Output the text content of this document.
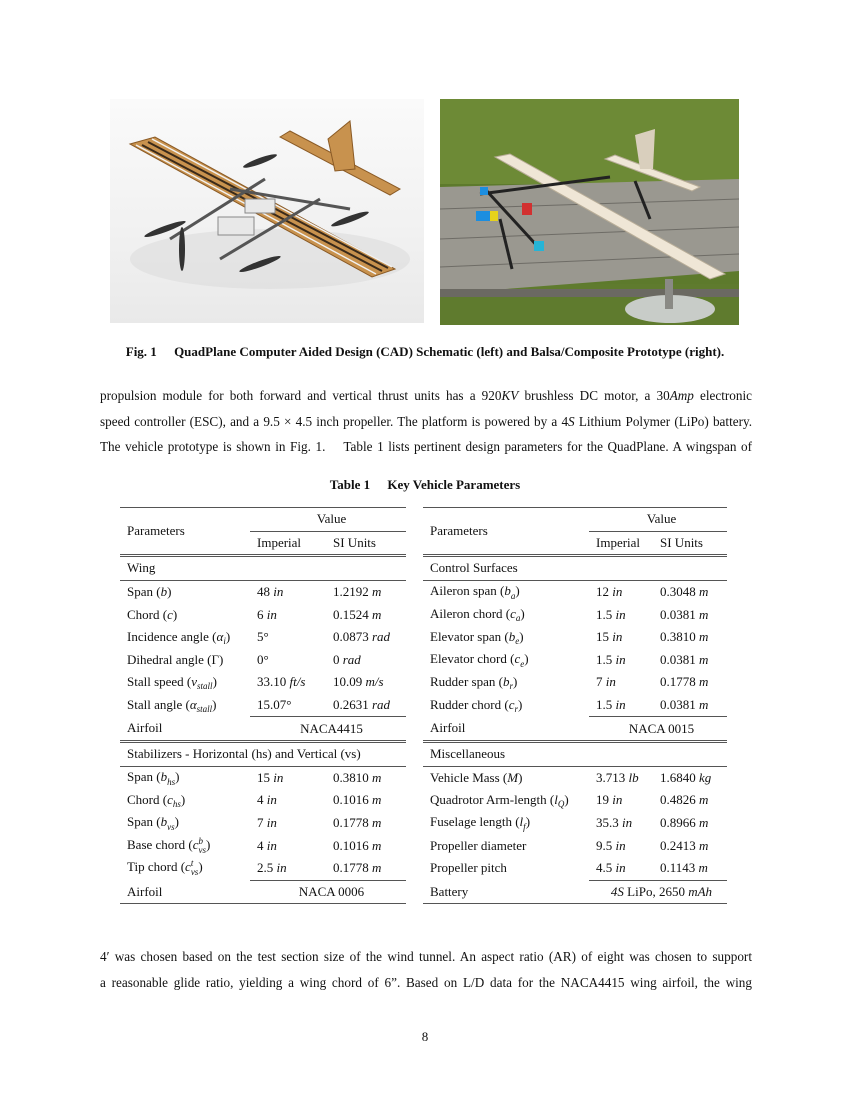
Fig. 1 QuadPlane Computer Aided Design (CAD) Schematic (left) and Balsa/Composite Prototype (right).
propulsion module for both forward and vertical thrust units has a 920KV brushless DC motor, a 30Amp electronic
speed controller (ESC), and a 9.5 × 4.5 inch propeller. The platform is powered by a 4S Lithium Polymer (LiPo) battery.
The vehicle prototype is shown in Fig. 1.    Table 1 lists pertinent design parameters for the QuadPlane. A wingspan of
Table 1 Key Vehicle Parameters
Parameters	Value	
	Imperial	SI Units
Wing		
Span (b)	48 in	1.2192 m
Chord (c)	6 in	0.1524 m
Incidence angle (α i )	5°	0.0873 rad
Dihedral angle (Γ)	0°	0 rad
Stall speed (v stall )	33.10 ft/s	10.09 m/s
Stall angle (α stall )	15.07°	0.2631 rad
Airfoil	NACA4415	
Stabilizers - Horizontal (hs) and Vertical (vs)		
Span (b hs )	15 in	0.3810 m
Chord (c hs )	4 in	0.1016 m
Span (b vs )	7 in	0.1778 m
Base chord (c b
vs )	4 in	0.1016 m
Tip chord (c t
vs )	2.5 in	0.1778 m
Airfoil	NACA 0006	
Parameters	Value	
	Imperial	SI Units
Control Surfaces		
Aileron span (b a )	12 in	0.3048 m
Aileron chord (c a )	1.5 in	0.0381 m
Elevator span (b e )	15 in	0.3810 m
Elevator chord (c e )	1.5 in	0.0381 m
Rudder span (b r )	7 in	0.1778 m
Rudder chord (c r )	1.5 in	0.0381 m
Airfoil	NACA 0015	
Miscellaneous		
Vehicle Mass (M)	3.713 lb	1.6840 kg
Quadrotor Arm-length (l Q )	19 in	0.4826 m
Fuselage length (l f )	35.3 in	0.8966 m
Propeller diameter	9.5 in	0.2413 m
Propeller pitch	4.5 in	0.1143 m
Battery	4S LiPo, 2650 mAh	
4′ was chosen based on the test section size of the wind tunnel. An aspect ratio (AR) of eight was chosen to support
a reasonable glide ratio, yielding a wing chord of 6”. Based on L/D data for the NACA4415 wing airfoil, the wing
8
